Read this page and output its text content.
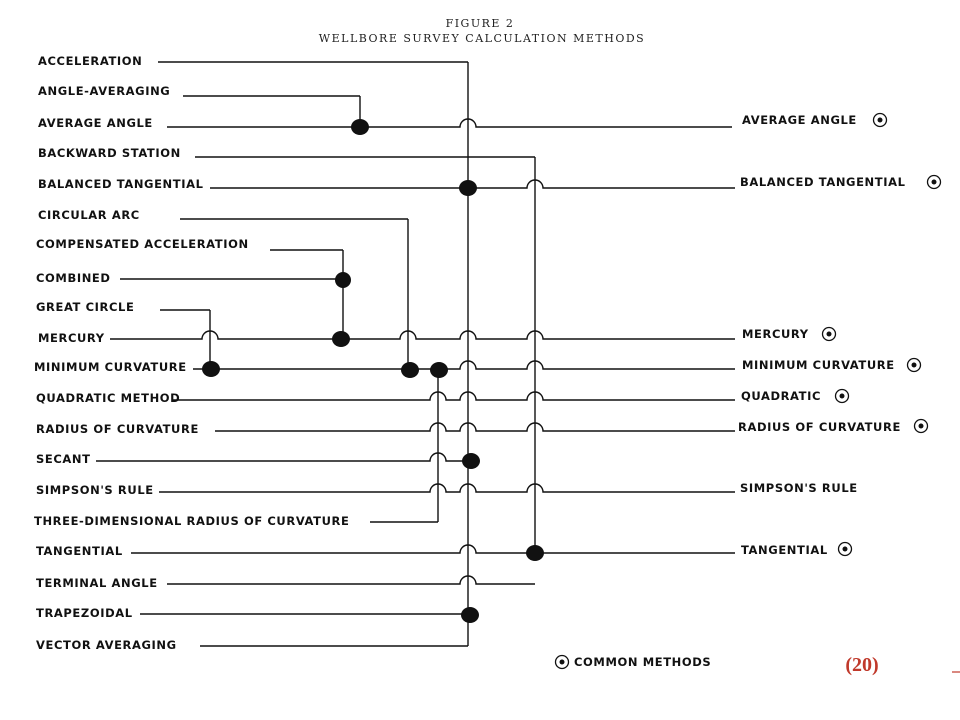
FIGURE 2
WELLBORE SURVEY CALCULATION METHODS
ACCELERATION
ANGLE-AVERAGING
AVERAGE ANGLE
BACKWARD STATION
BALANCED TANGENTIAL
CIRCULAR ARC
COMPENSATED ACCELERATION
COMBINED
GREAT CIRCLE
MERCURY
MINIMUM CURVATURE
QUADRATIC METHOD
RADIUS OF CURVATURE
SECANT
SIMPSON'S RULE
THREE-DIMENSIONAL RADIUS OF CURVATURE
TANGENTIAL
TERMINAL ANGLE
TRAPEZOIDAL
VECTOR AVERAGING
AVERAGE ANGLE
BALANCED TANGENTIAL
MERCURY
MINIMUM CURVATURE
QUADRATIC
RADIUS OF CURVATURE
SIMPSON'S RULE
TANGENTIAL
COMMON METHODS	(20)
